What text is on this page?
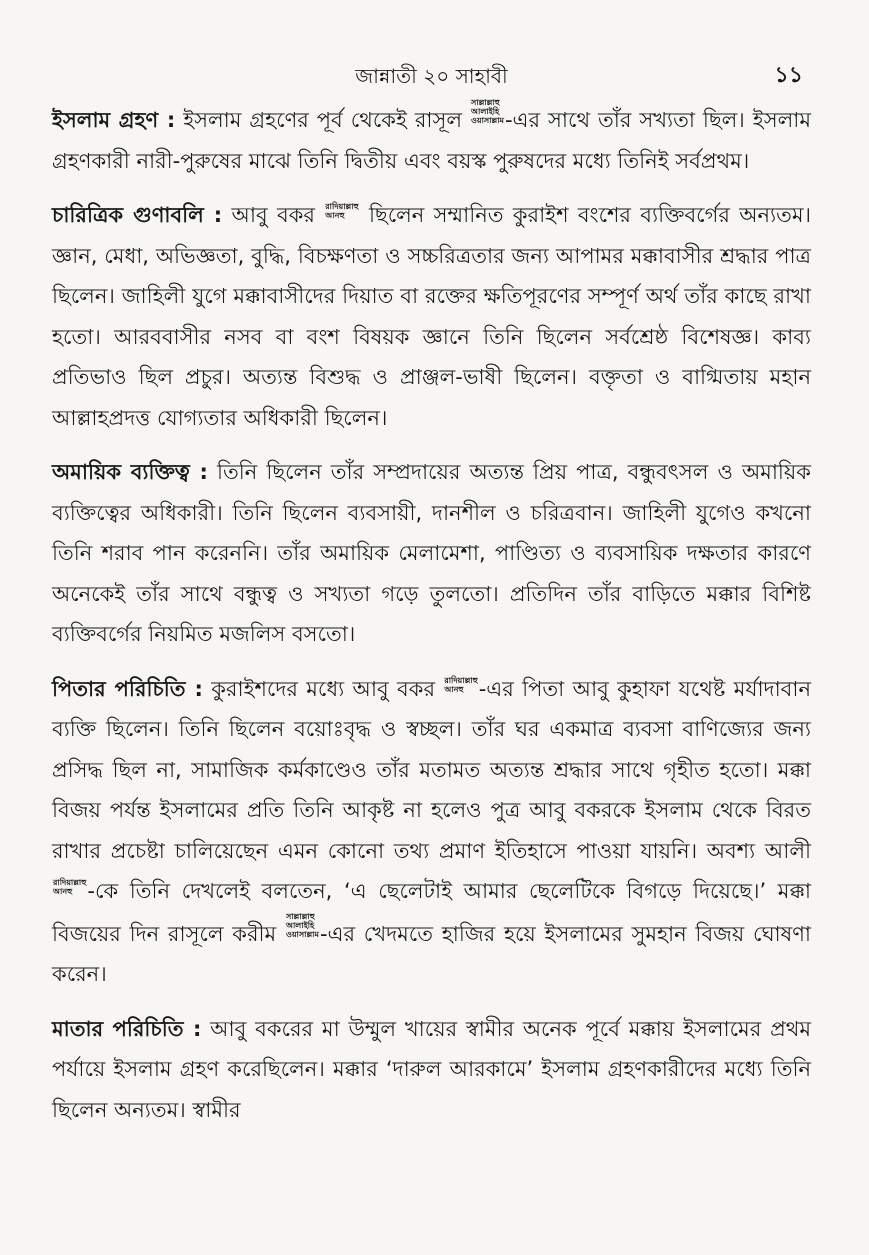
জান্নাতী ২০ সাহাবী	১১

ইসলাম গ্রহণ : ইসলাম গ্রহণের পূর্ব থেকেই রাসূল
সাল্লাল্লাহু
আলাইহি
ওয়াসাল্লাম -এর সাথে তাঁর সখ্যতা ছিল। ইসলাম গ্রহণকারী নারী-পুরুষের মাঝে তিনি দ্বিতীয় এবং বয়স্ক পুরুষদের মধ্যে তিনিই সর্বপ্রথম।

চারিত্রিক গুণাবলি : আবু বকর রাদিয়াল্লাহু
আনহু ছিলেন সম্মানিত কুরাইশ বংশের ব্যক্তিবর্গের অন্যতম। জ্ঞান, মেধা, অভিজ্ঞতা, বুদ্ধি, বিচক্ষণতা ও সচ্চরিত্রতার জন্য আপামর মক্কাবাসীর শ্রদ্ধার পাত্র ছিলেন। জাহিলী যুগে মক্কাবাসীদের দিয়াত বা রক্তের ক্ষতিপূরণের সম্পূর্ণ অর্থ তাঁর কাছে রাখা হতো। আরববাসীর নসব বা বংশ বিষয়ক জ্ঞানে তিনি ছিলেন সর্বশ্রেষ্ঠ বিশেষজ্ঞ। কাব্য প্রতিভাও ছিল প্রচুর। অত্যন্ত বিশুদ্ধ ও প্রাঞ্জল-ভাষী ছিলেন। বক্তৃতা ও বাগ্মিতায় মহান আল্লাহপ্রদত্ত যোগ্যতার অধিকারী ছিলেন।

অমায়িক ব্যক্তিত্ব : তিনি ছিলেন তাঁর সম্প্রদায়ের অত্যন্ত প্রিয় পাত্র, বন্ধুবৎসল ও অমায়িক ব্যক্তিত্বের অধিকারী। তিনি ছিলেন ব্যবসায়ী, দানশীল ও চরিত্রবান। জাহিলী যুগেও কখনো তিনি শরাব পান করেননি। তাঁর অমায়িক মেলামেশা, পাণ্ডিত্য ও ব্যবসায়িক দক্ষতার কারণে অনেকেই তাঁর সাথে বন্ধুত্ব ও সখ্যতা গড়ে তুলতো। প্রতিদিন তাঁর বাড়িতে মক্কার বিশিষ্ট ব্যক্তিবর্গের নিয়মিত মজলিস বসতো।

পিতার পরিচিতি : কুরাইশদের মধ্যে আবু বকর রাদিয়াল্লাহু
আনহু -এর পিতা আবু কুহাফা যথেষ্ট মর্যাদাবান ব্যক্তি ছিলেন। তিনি ছিলেন বয়োঃবৃদ্ধ ও স্বচ্ছল। তাঁর ঘর একমাত্র ব্যবসা বাণিজ্যের জন্য প্রসিদ্ধ ছিল না, সামাজিক কর্মকাণ্ডেও তাঁর মতামত অত্যন্ত শ্রদ্ধার সাথে গৃহীত হতো। মক্কা বিজয় পর্যন্ত ইসলামের প্রতি তিনি আকৃষ্ট না হলেও পুত্র আবু বকরকে ইসলাম থেকে বিরত রাখার প্রচেষ্টা চালিয়েছেন এমন কোনো তথ্য প্রমাণ ইতিহাসে পাওয়া যায়নি। অবশ্য আলী
রাদিয়াল্লাহু
আনহু -কে তিনি দেখলেই বলতেন, ‘এ ছেলেটাই আমার ছেলেটিকে বিগড়ে দিয়েছে।’ মক্কা বিজয়ের দিন রাসূলে করীম
সাল্লাল্লাহু
আলাইহি
ওয়াসাল্লাম -এর খেদমতে হাজির হয়ে ইসলামের সুমহান বিজয় ঘোষণা করেন।

মাতার পরিচিতি : আবু বকরের মা উম্মুল খায়ের স্বামীর অনেক পূর্বে মক্কায় ইসলামের প্রথম পর্যায়ে ইসলাম গ্রহণ করেছিলেন। মক্কার ‘দারুল আরকামে’ ইসলাম গ্রহণকারীদের মধ্যে তিনি ছিলেন অন্যতম। স্বামীর
